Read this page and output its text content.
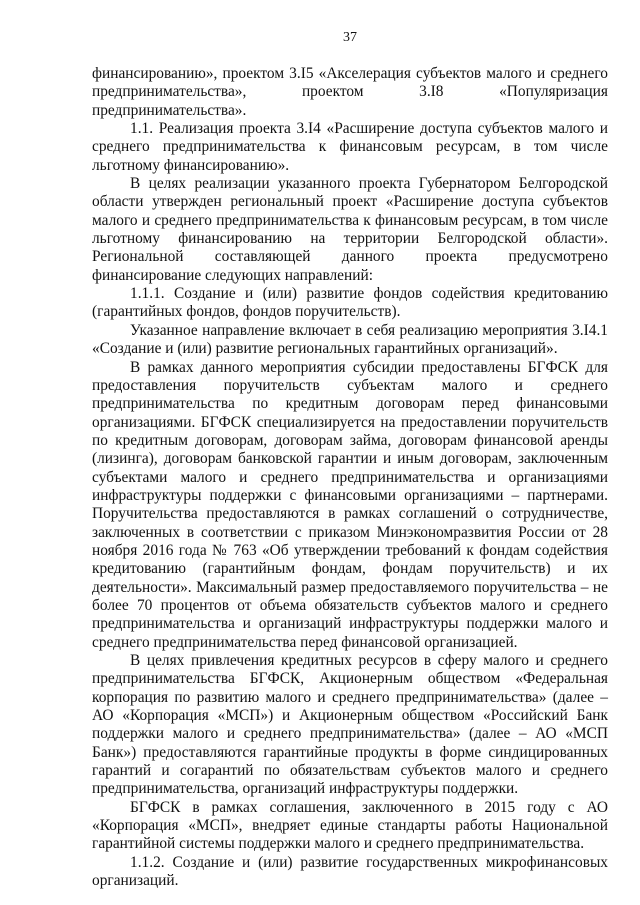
37

финансированию», проектом 3.I5 «Акселерация субъектов малого и среднего предпринимательства», проектом 3.I8 «Популяризация предпринимательства».

1.1. Реализация проекта 3.I4 «Расширение доступа субъектов малого и среднего предпринимательства к финансовым ресурсам, в том числе льготному финансированию».

В целях реализации указанного проекта Губернатором Белгородской области утвержден региональный проект «Расширение доступа субъектов малого и среднего предпринимательства к финансовым ресурсам, в том числе льготному финансированию на территории Белгородской области». Региональной составляющей данного проекта предусмотрено финансирование следующих направлений:

1.1.1. Создание и (или) развитие фондов содействия кредитованию (гарантийных фондов, фондов поручительств).

Указанное направление включает в себя реализацию мероприятия 3.I4.1 «Создание и (или) развитие региональных гарантийных организаций».

В рамках данного мероприятия субсидии предоставлены БГФСК для предоставления поручительств субъектам малого и среднего предпринимательства по кредитным договорам перед финансовыми организациями. БГФСК специализируется на предоставлении поручительств по кредитным договорам, договорам займа, договорам финансовой аренды (лизинга), договорам банковской гарантии и иным договорам, заключенным субъектами малого и среднего предпринимательства и организациями инфраструктуры поддержки с финансовыми организациями – партнерами. Поручительства предоставляются в рамках соглашений о сотрудничестве, заключенных в соответствии с приказом Минэкономразвития России от 28 ноября 2016 года № 763 «Об утверждении требований к фондам содействия кредитованию (гарантийным фондам, фондам поручительств) и их деятельности». Максимальный размер предоставляемого поручительства – не более 70 процентов от объема обязательств субъектов малого и среднего предпринимательства и организаций инфраструктуры поддержки малого и среднего предпринимательства перед финансовой организацией.

В целях привлечения кредитных ресурсов в сферу малого и среднего предпринимательства БГФСК, Акционерным обществом «Федеральная корпорация по развитию малого и среднего предпринимательства» (далее – АО «Корпорация «МСП») и Акционерным обществом «Российский Банк поддержки малого и среднего предпринимательства» (далее – АО «МСП Банк») предоставляются гарантийные продукты в форме синдицированных гарантий и согарантий по обязательствам субъектов малого и среднего предпринимательства, организаций инфраструктуры поддержки.

БГФСК в рамках соглашения, заключенного в 2015 году с АО «Корпорация «МСП», внедряет единые стандарты работы Национальной гарантийной системы поддержки малого и среднего предпринимательства.

1.1.2. Создание и (или) развитие государственных микрофинансовых организаций.
